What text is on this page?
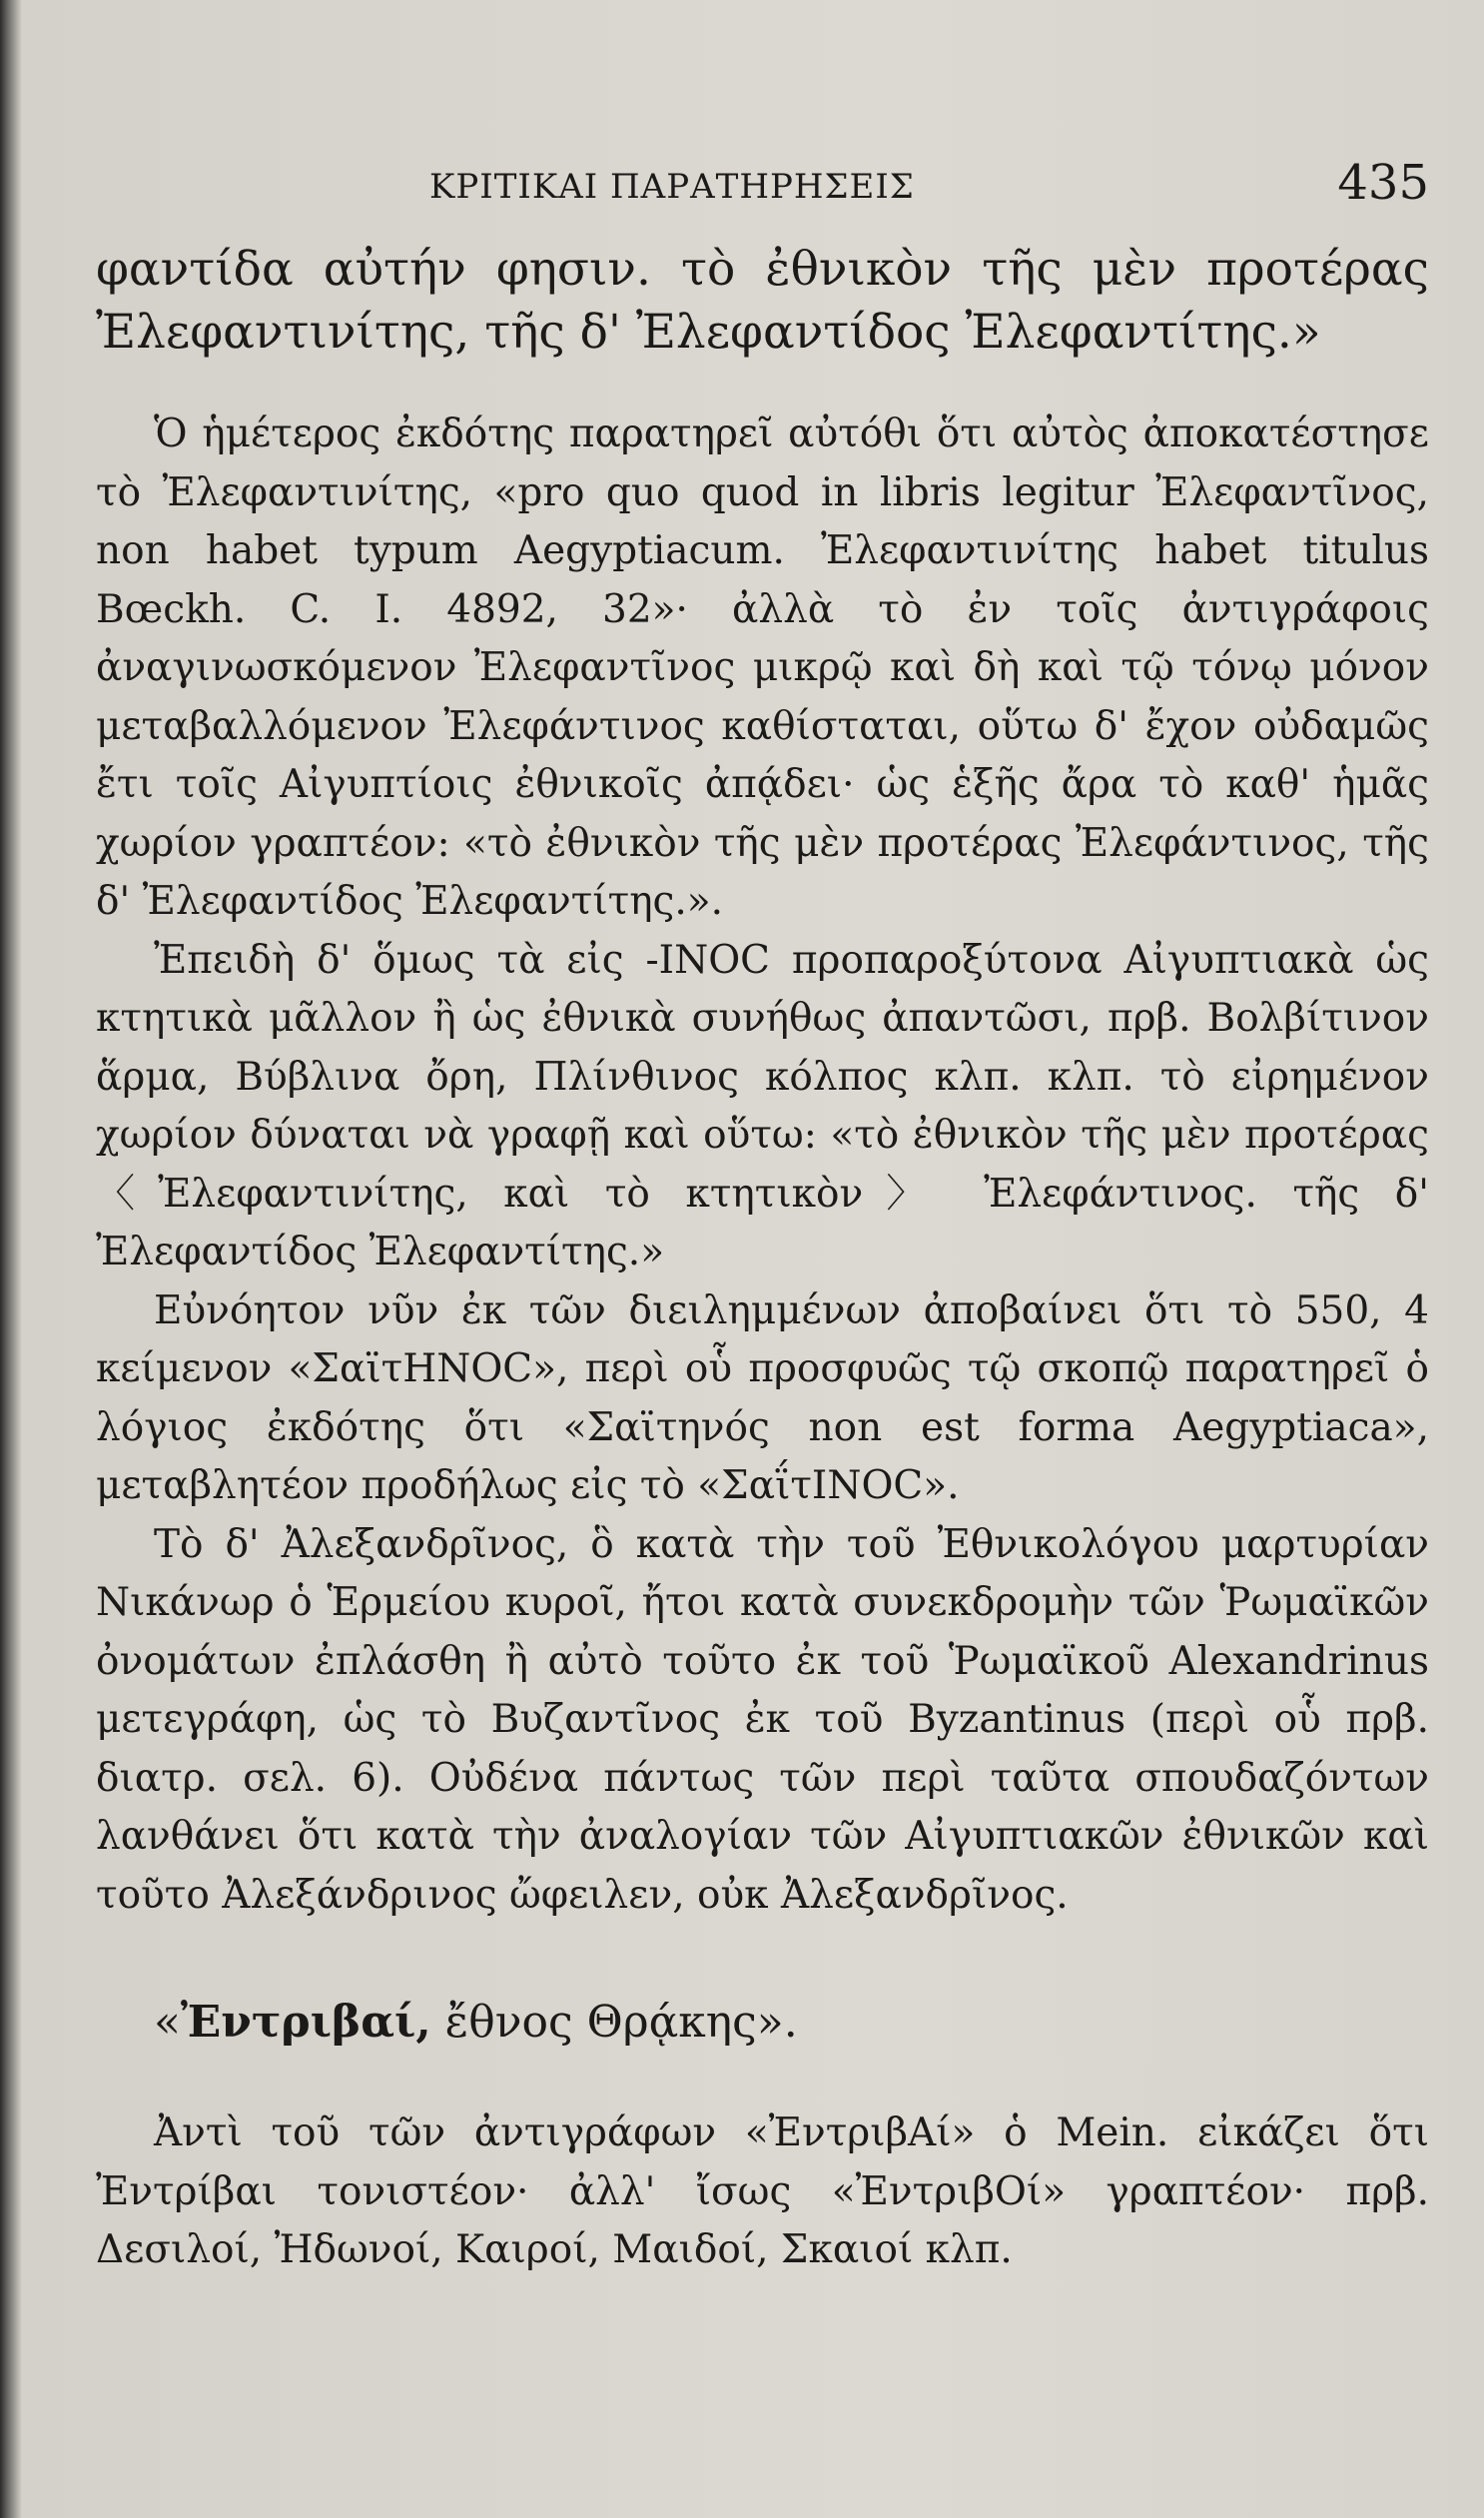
ΚΡΙΤΙΚΑΙ ΠΑΡΑΤΗΡΗΣΕΙΣ	435

φαντίδα αὐτήν φησιν. τὸ ἐθνικὸν τῆς μὲν προτέρας Ἐλεφαντινίτης, τῆς δ' Ἐλεφαντίδος Ἐλεφαντίτης.»

Ὁ ἡμέτερος ἐκδότης παρατηρεῖ αὐτόθι ὅτι αὐτὸς ἀποκατέστησε τὸ Ἐλεφαντινίτης, «pro quo quod in libris legitur Ἐλεφαντῖνος, non habet typum Aegyptiacum. Ἐλεφαντινίτης habet titulus Bœckh. C. I. 4892, 32»· ἀλλὰ τὸ ἐν τοῖς ἀντιγράφοις ἀναγινωσκόμενον Ἐλεφαντῖνος μικρῷ καὶ δὴ καὶ τῷ τόνῳ μόνον μεταβαλλόμενον Ἐλεφάντινος καθίσταται, οὕτω δ' ἔχον οὐδαμῶς ἔτι τοῖς Αἰγυπτίοις ἐθνικοῖς ἀπᾴδει· ὡς ἑξῆς ἄρα τὸ καθ' ἡμᾶς χωρίον γραπτέον: «τὸ ἐθνικὸν τῆς μὲν προτέρας Ἐλεφάντινος, τῆς δ' Ἐλεφαντίδος Ἐλεφαντίτης.».

Ἐπειδὴ δ' ὅμως τὰ εἰς -INOC προπαροξύτονα Αἰγυπτιακὰ ὡς κτητικὰ μᾶλλον ἢ ὡς ἐθνικὰ συνήθως ἀπαντῶσι, πρβ. Βολβίτινον ἅρμα, Βύβλινα ὄρη, Πλίνθινος κόλπος κλπ. κλπ. τὸ εἰρημένον χωρίον δύναται νὰ γραφῇ καὶ οὕτω: «τὸ ἐθνικὸν τῆς μὲν προτέρας 〈Ἐλεφαντινίτης, καὶ τὸ κτητικὸν〉 Ἐλεφάντινος. τῆς δ' Ἐλεφαντίδος Ἐλεφαντίτης.»

Εὐνόητον νῦν ἐκ τῶν διειλημμένων ἀποβαίνει ὅτι τὸ 550, 4 κείμενον «ΣαϊτΗΝΟC», περὶ οὗ προσφυῶς τῷ σκοπῷ παρατηρεῖ ὁ λόγιος ἐκδότης ὅτι «Σαϊτηνός non est forma Aegyptiaca», μεταβλητέον προδήλως εἰς τὸ «ΣαΐτΙΝΟC».

Τὸ δ' Ἀλεξανδρῖνος, ὃ κατὰ τὴν τοῦ Ἐθνικολόγου μαρτυρίαν Νικάνωρ ὁ Ἑρμείου κυροῖ, ἤτοι κατὰ συνεκδρομὴν τῶν Ῥωμαϊκῶν ὀνομάτων ἐπλάσθη ἢ αὐτὸ τοῦτο ἐκ τοῦ Ῥωμαϊκοῦ Alexandrinus μετεγράφη, ὡς τὸ Βυζαντῖνος ἐκ τοῦ Byzantinus (περὶ οὗ πρβ. διατρ. σελ. 6). Οὐδένα πάντως τῶν περὶ ταῦτα σπουδαζόντων λανθάνει ὅτι κατὰ τὴν ἀναλογίαν τῶν Αἰγυπτιακῶν ἐθνικῶν καὶ τοῦτο Ἀλεξάνδρινος ὤφειλεν, οὐκ Ἀλεξανδρῖνος.

«Ἐντριβαί, ἔθνος Θρᾴκης».

Ἀντὶ τοῦ τῶν ἀντιγράφων «ἘντριβΑί» ὁ Mein. εἰκάζει ὅτι Ἐντρίβαι τονιστέον· ἀλλ' ἴσως «ἘντριβΟί» γραπτέον· πρβ. Δεσιλοί, Ἠδωνοί, Καιροί, Μαιδοί, Σκαιοί κλπ.
